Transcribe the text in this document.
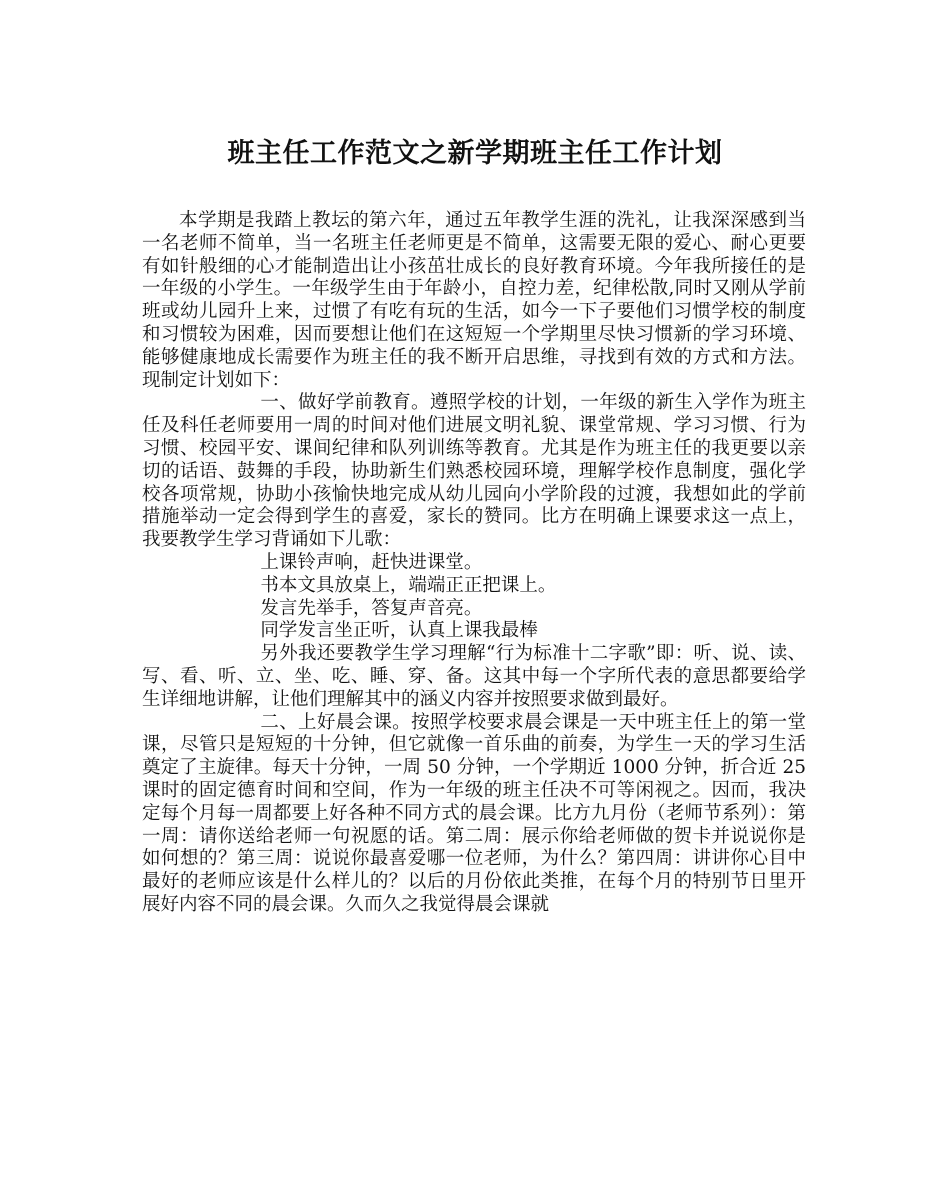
班主任工作范文之新学期班主任工作计划

本学期是我踏上教坛的第六年，通过五年教学生涯的洗礼，让我深深感到当一名老师不简单，当一名班主任老师更是不简单，这需要无限的爱心、耐心更要有如针般细的心才能制造出让小孩茁壮成长的良好教育环境。今年我所接任的是一年级的小学生。一年级学生由于年龄小，自控力差，纪律松散,同时又刚从学前班或幼儿园升上来，过惯了有吃有玩的生活，如今一下子要他们习惯学校的制度和习惯较为困难，因而要想让他们在这短短一个学期里尽快习惯新的学习环境、能够健康地成长需要作为班主任的我不断开启思维，寻找到有效的方式和方法。现制定计划如下：

一、做好学前教育。遵照学校的计划，一年级的新生入学作为班主任及科任老师要用一周的时间对他们进展文明礼貌、课堂常规、学习习惯、行为习惯、校园平安、课间纪律和队列训练等教育。尤其是作为班主任的我更要以亲切的话语、鼓舞的手段，协助新生们熟悉校园环境，理解学校作息制度，强化学校各项常规，协助小孩愉快地完成从幼儿园向小学阶段的过渡，我想如此的学前措施举动一定会得到学生的喜爱，家长的赞同。比方在明确上课要求这一点上，我要教学生学习背诵如下儿歌：

上课铃声响，赶快进课堂。

书本文具放桌上，端端正正把课上。

发言先举手，答复声音亮。

同学发言坐正听，认真上课我最棒

另外我还要教学生学习理解“行为标准十二字歌”即：听、说、读、写、看、听、立、坐、吃、睡、穿、备。这其中每一个字所代表的意思都要给学生详细地讲解，让他们理解其中的涵义内容并按照要求做到最好。

二、上好晨会课。按照学校要求晨会课是一天中班主任上的第一堂课，尽管只是短短的十分钟，但它就像一首乐曲的前奏，为学生一天的学习生活奠定了主旋律。每天十分钟，一周 50 分钟，一个学期近 1000 分钟，折合近 25 课时的固定德育时间和空间，作为一年级的班主任决不可等闲视之。因而，我决定每个月每一周都要上好各种不同方式的晨会课。比方九月份（老师节系列）：第一周：请你送给老师一句祝愿的话。第二周：展示你给老师做的贺卡并说说你是如何想的？第三周：说说你最喜爱哪一位老师，为什么？第四周：讲讲你心目中最好的老师应该是什么样儿的？以后的月份依此类推，在每个月的特别节日里开展好内容不同的晨会课。久而久之我觉得晨会课就
